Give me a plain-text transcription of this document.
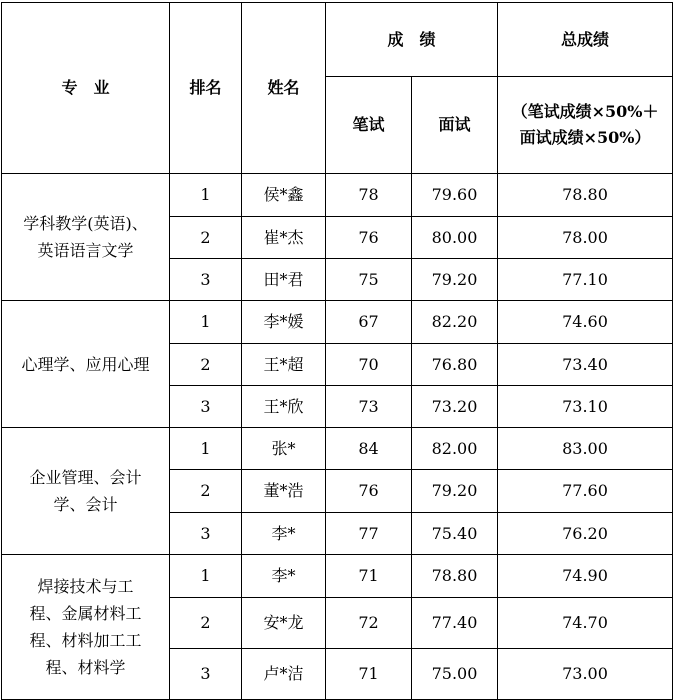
专　业	排名	姓名	成　绩		总成绩
			笔试	面试	（笔试成绩×50%＋
面试成绩×50%）

学科教学(英语)、
英语语言文学	1	侯*鑫	78	79.60	78.80
	2	崔*杰	76	80.00	78.00
	3	田*君	75	79.20	77.10

心理学、应用心理	1	李*媛	67	82.20	74.60
	2	王*超	70	76.80	73.40
	3	王*欣	73	73.20	73.10

企业管理、会计
学、会计	1	张*	84	82.00	83.00
	2	董*浩	76	79.20	77.60
	3	李*	77	75.40	76.20

焊接技术与工
程、金属材料工
程、材料加工工
程、材料学	1	李*	71	78.80	74.90
	2	安*龙	72	77.40	74.70
	3	卢*洁	71	75.00	73.00
